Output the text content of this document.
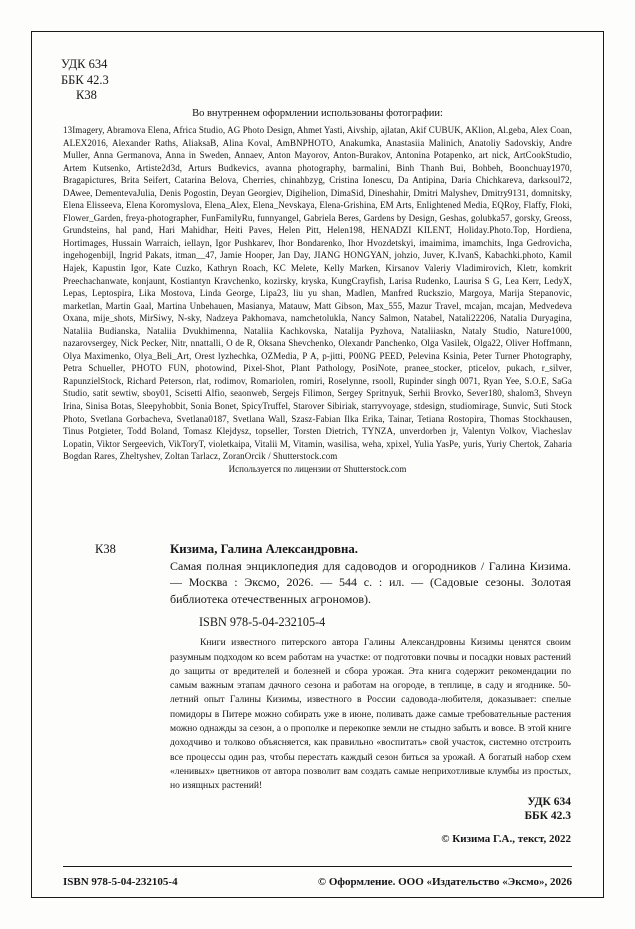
УДК 634
ББК 42.3
К38
Во внутреннем оформлении использованы фотографии:
13Imagery, Abramova Elena, Africa Studio, AG Photo Design, Ahmet Yasti, Aivship, ajlatan, Akif CUBUK, AKlion, Al.geba, Alex Coan, ALEX2016, Alexander Raths, AliaksaB, Alina Koval, AmBNPHOTO, Anakumka, Anastasiia Malinich, Anatoliy Sadovskiy, Andre Muller, Anna Germanova, Anna in Sweden, Annaev, Anton Mayorov, Anton-Burakov, Antonina Potapenko, art nick, ArtCookStudio, Artem Kutsenko, Artiste2d3d, Arturs Budkevics, avanna photography, barmalini, Binh Thanh Bui, Bohbeh, Boonchuay1970, Bragapictures, Brita Seifert, Catarina Belova, Cherries, chinahbzyg, Cristina Ionescu, Da Antipina, Daria Chichkareva, darksoul72, DAwee, DementevaJulia, Denis Pogostin, Deyan Georgiev, Digihelion, DimaSid, Dineshahir, Dmitri Malyshev, Dmitry9131, domnitsky, Elena Elisseeva, Elena Koromyslova, Elena_Alex, Elena_Nevskaya, Elena-Grishina, EM Arts, Enlightened Media, EQRoy, Flaffy, Floki, Flower_Garden, freya-photographer, FunFamilyRu, funnyangel, Gabriela Beres, Gardens by Design, Geshas, golubka57, gorsky, Greoss, Grundsteins, hal pand, Hari Mahidhar, Heiti Paves, Helen Pitt, Helen198, HENADZI KILENT, Holiday.Photo.Top, Hordiena, Hortimages, Hussain Warraich, iellayn, Igor Pushkarev, Ihor Bondarenko, Ihor Hvozdetskyi, imaimima, imamchits, Inga Gedrovicha, ingehogenbijl, Ingrid Pakats, itman__47, Jamie Hooper, Jan Day, JIANG HONGYAN, johzio, Juver, K.IvanS, Kabachki.photo, Kamil Hajek, Kapustin Igor, Kate Cuzko, Kathryn Roach, KC Melete, Kelly Marken, Kirsanov Valeriy Vladimirovich, Kletr, komkrit Preechachanwate, konjaunt, Kostiantyn Kravchenko, kozirsky, kryska, KungCrayfish, Larisa Rudenko, Laurisa S G, Lea Kerr, LedyX, Lepas, Leptospira, Lika Mostova, Linda George, Lipa23, liu yu shan, Madlen, Manfred Ruckszio, Margoya, Marija Stepanovic, marketlan, Martin Gaal, Martina Unbehauen, Masianya, Matauw, Matt Gibson, Max_555, Mazur Travel, mcajan, mcajan, Medvedeva Oxana, mije_shots, MirSiwy, N-sky, Nadzeya Pakhomava, namchetolukla, Nancy Salmon, Natabel, Natali22206, Natalia Duryagina, Nataliia Budianska, Nataliia Dvukhimenna, Nataliia Kachkovska, Natalija Pyzhova, Nataliiaskn, Nataly Studio, Nature1000, nazarovsergey, Nick Pecker, Nitr, nnattalli, O de R, Oksana Shevchenko, Olexandr Panchenko, Olga Vasilek, Olga22, Oliver Hoffmann, Olya Maximenko, Olya_Beli_Art, Orest lyzhechka, OZMedia, P A, p-jitti, P00NG PEED, Pelevina Ksinia, Peter Turner Photography, Petra Schueller, PHOTO FUN, photowind, Pixel-Shot, Plant Pathology, PosiNote, pranee_stocker, pticelov, pukach, r_silver, RapunzielStock, Richard Peterson, rlat, rodimov, Romariolen, romiri, Roselynne, rsooll, Rupinder singh 0071, Ryan Yee, S.O.E, SaGa Studio, satit sewtiw, sboy01, Scisetti Alfio, seaonweb, Sergejs Filimon, Sergey Spritnyuk, Serhii Brovko, Sever180, shalom3, Shveyn Irina, Sinisa Botas, Sleepyhobbit, Sonia Bonet, SpicyTruffel, Starover Sibiriak, starryvoyage, stdesign, studiomirage, Sunvic, Suti Stock Photo, Svetlana Gorbacheva, Svetlana0187, Svetlana Wall, Szasz-Fabian Ilka Erika, Tainar, Tetiana Rostopira, Thomas Stockhausen, Tinus Potgieter, Todd Boland, Tomasz Klejdysz, topseller, Torsten Dietrich, TYNZA, unverdorben jr, Valentyn Volkov, Viacheslav Lopatin, Viktor Sergeevich, VikToryT, violetkaipa, Vitalii M, Vitamin, wasilisa, weha, xpixel, Yulia YasPe, yuris, Yuriy Chertok, Zaharia Bogdan Rares, Zheltyshev, Zoltan Tarlacz, ZoranOrcik / Shutterstock.com
Используется по лицензии от Shutterstock.com
К38	Кизима, Галина Александровна.
Самая полная энциклопедия для садоводов и огородников / Галина Кизима. — Москва : Эксмо, 2026. — 544 с. : ил. — (Садовые сезоны. Золотая библиотека отечественных агрономов).
ISBN 978-5-04-232105-4
Книги известного питерского автора Галины Александровны Кизимы ценятся своим разумным подходом ко всем работам на участке: от подготовки почвы и посадки новых растений до защиты от вредителей и болезней и сбора урожая. Эта книга содержит рекомендации по самым важным этапам дачного сезона и работам на огороде, в теплице, в саду и ягоднике. 50-летний опыт Галины Кизимы, известного в России садовода-любителя, доказывает: спелые помидоры в Питере можно собирать уже в июне, поливать даже самые требовательные растения можно однажды за сезон, а о прополке и перекопке земли не стыдно забыть и вовсе. В этой книге доходчиво и толково объясняется, как правильно «воспитать» свой участок, системно отстроить все процессы один раз, чтобы перестать каждый сезон биться за урожай. А богатый набор схем «ленивых» цветников от автора позволит вам создать самые неприхотливые клумбы из простых, но изящных растений!
УДК 634
ББК 42.3
© Кизима Г.А., текст, 2022
ISBN 978-5-04-232105-4	© Оформление. ООО «Издательство «Эксмо», 2026
